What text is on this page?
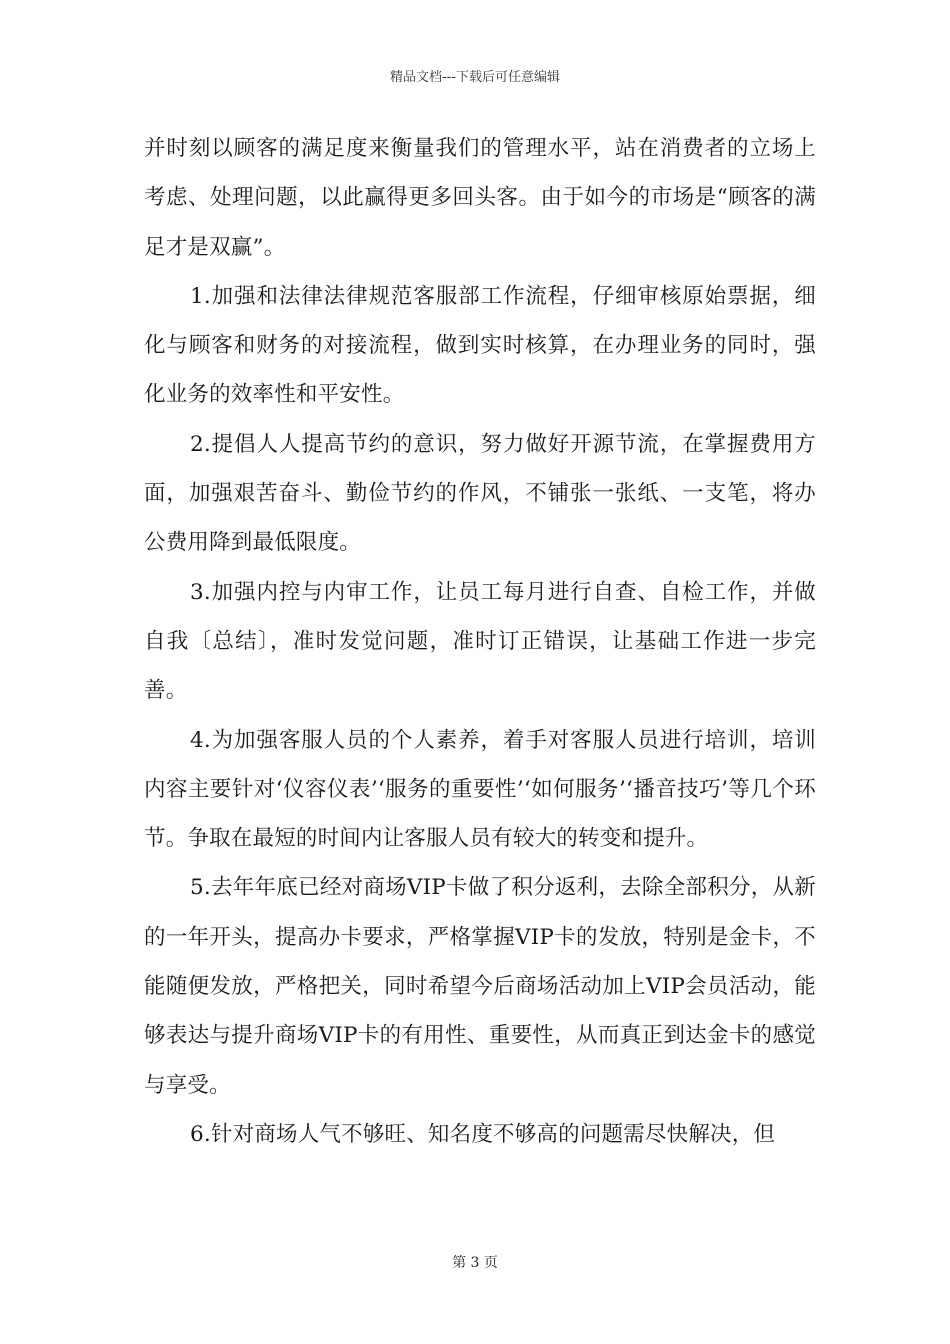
精品文档---下载后可任意编辑

并时刻以顾客的满足度来衡量我们的管理水平，站在消费者的立场上考虑、处理问题，以此赢得更多回头客。由于如今的市场是“顾客的满足才是双赢”。

1.加强和法律法律规范客服部工作流程，仔细审核原始票据，细化与顾客和财务的对接流程，做到实时核算，在办理业务的同时，强化业务的效率性和平安性。

2.提倡人人提高节约的意识，努力做好开源节流，在掌握费用方面，加强艰苦奋斗、勤俭节约的作风，不铺张一张纸、一支笔，将办公费用降到最低限度。

3.加强内控与内审工作，让员工每月进行自查、自检工作，并做自我〔总结〕，准时发觉问题，准时订正错误，让基础工作进一步完善。

4.为加强客服人员的个人素养，着手对客服人员进行培训，培训内容主要针对‘仪容仪表’‘服务的重要性’‘如何服务’‘播音技巧’等几个环节。争取在最短的时间内让客服人员有较大的转变和提升。

5.去年年底已经对商场VIP卡做了积分返利，去除全部积分，从新的一年开头，提高办卡要求，严格掌握VIP卡的发放，特别是金卡，不能随便发放，严格把关，同时希望今后商场活动加上VIP会员活动，能够表达与提升商场VIP卡的有用性、重要性，从而真正到达金卡的感觉与享受。

6.针对商场人气不够旺、知名度不够高的问题需尽快解决，但

第 3 页
